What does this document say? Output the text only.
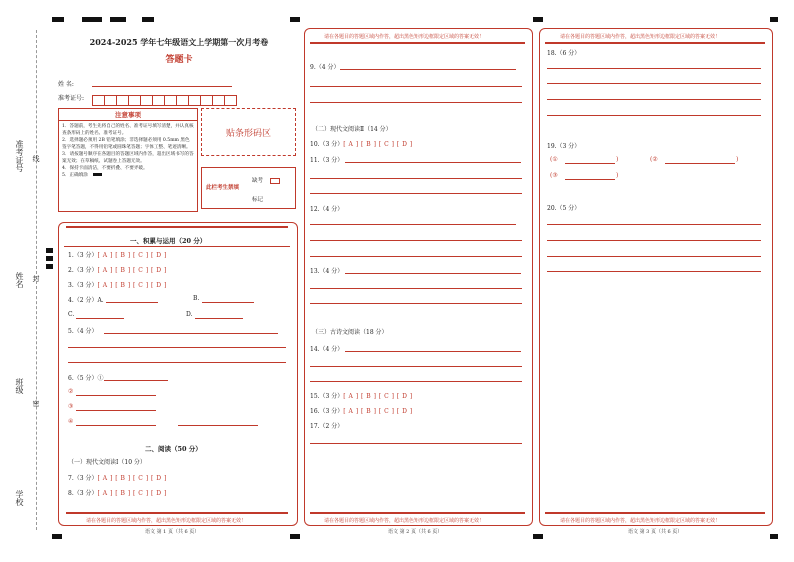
准考证号
姓名
班级
学校
密
封
线
2024-2025 学年七年级语文上学期第一次月考卷
答题卡
姓 名:
准考证号:
注意事项
1．答题前，考生先将自己的姓名、准考证号填写清楚，并认真核查条形码上的姓名、准考证号。
2．选择题必须用 2B 铅笔填涂；非选择题必须用 0.5mm 黑色签字笔答题，不得用铅笔或圆珠笔答题；字体工整、笔迹清晰。
3．请按题号顺序在各题目的答题区域内作答，超出区域书写的答案无效；在草稿纸、试题卷上答题无效。
4．保持卡面清洁，不要折叠、不要弄破。
5．正确填涂
贴条形码区
此栏考生禁填
缺考
标记
一、积累与运用（20 分）
1.（3 分）[ A ] [ B ] [ C ] [ D ]
2.（3 分）[ A ] [ B ] [ C ] [ D ]
3.（3 分）[ A ] [ B ] [ C ] [ D ]
4.（2 分）A.	B.
C.	D.
5.（4 分）
6.（5 分）①
②
③
④
二、阅读（50 分）
（一）现代文阅读Ⅰ（10 分）
7.（3 分）[ A ] [ B ] [ C ] [ D ]
8.（3 分）[ A ] [ B ] [ C ] [ D ]
请在各题目的答题区域内作答，超出黑色矩形边框限定区域的答案无效！
语文 第 1 页（共 6 页）
请在各题目的答题区域内作答，超出黑色矩形边框限定区域的答案无效！
9.（4 分）
（二）现代文阅读Ⅱ（14 分）
10.（3 分）[ A ] [ B ] [ C ] [ D ]
11.（3 分）
12.（4 分）
13.（4 分）
（三）古诗文阅读（18 分）
14.（4 分）
15.（3 分）[ A ] [ B ] [ C ] [ D ]
16.（3 分）[ A ] [ B ] [ C ] [ D ]
17.（2 分）
请在各题目的答题区域内作答，超出黑色矩形边框限定区域的答案无效！
语文 第 2 页（共 6 页）
请在各题目的答题区域内作答，超出黑色矩形边框限定区域的答案无效！
18.（6 分）
19.（3 分）
(①	)	(②	)
(③	)
20.（5 分）
请在各题目的答题区域内作答，超出黑色矩形边框限定区域的答案无效！
语文 第 3 页（共 6 页）
